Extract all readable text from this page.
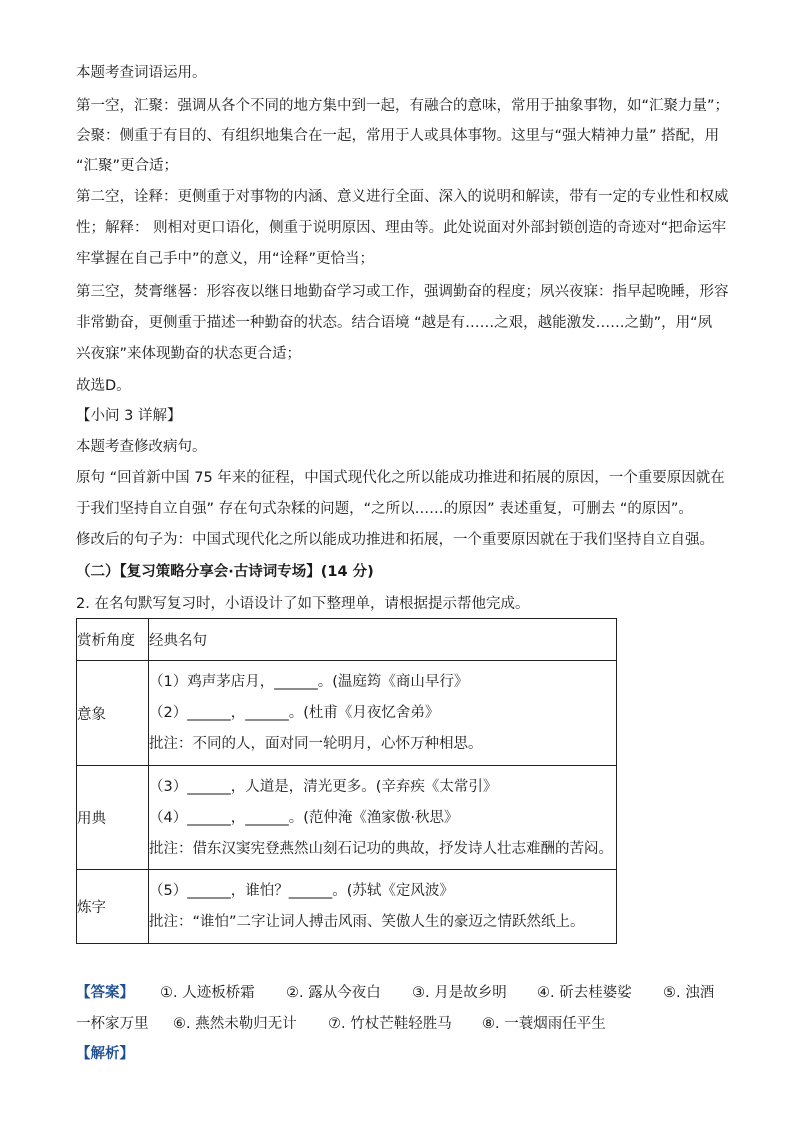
本题考查词语运用。
第一空，汇聚：强调从各个不同的地方集中到一起，有融合的意味，常用于抽象事物，如“汇聚力量”；
会聚：侧重于有目的、有组织地集合在一起，常用于人或具体事物。这里与“强大精神力量” 搭配，用
“汇聚”更合适；
第二空，诠释：更侧重于对事物的内涵、意义进行全面、深入的说明和解读，带有一定的专业性和权威
性；解释： 则相对更口语化，侧重于说明原因、理由等。此处说面对外部封锁创造的奇迹对“把命运牢
牢掌握在自己手中”的意义，用“诠释”更恰当；
第三空，焚膏继晷：形容夜以继日地勤奋学习或工作，强调勤奋的程度；夙兴夜寐：指早起晚睡，形容
非常勤奋，更侧重于描述一种勤奋的状态。结合语境 “越是有……之艰，越能激发……之勤”，用“夙
兴夜寐”来体现勤奋的状态更合适；
故选D。
【小问 3 详解】
本题考查修改病句。
原句 “回首新中国 75 年来的征程，中国式现代化之所以能成功推进和拓展的原因，一个重要原因就在
于我们坚持自立自强” 存在句式杂糅的问题，“之所以……的原因” 表述重复，可删去 “的原因”。
修改后的句子为：中国式现代化之所以能成功推进和拓展，一个重要原因就在于我们坚持自立自强。
（二）【复习策略分享会·古诗词专场】(14 分)
2. 在名句默写复习时，小语设计了如下整理单，请根据提示帮他完成。
赏析角度	经典名句
意象	（1）鸡声茅店月，______。(温庭筠《商山早行》
（2）______，______。(杜甫《月夜忆舍弟》
批注：不同的人，面对同一轮明月，心怀万种相思。

用典	（3）______，人道是，清光更多。(辛弃疾《太常引》
（4）______，______。(范仲淹《渔家傲·秋思》
批注：借东汉窦宪登燕然山刻石记功的典故，抒发诗人壮志难酬的苦闷。

炼字	（5）______，谁怕？______。(苏轼《定风波》
批注：“谁怕”二字让词人搏击风雨、笑傲人生的豪迈之情跃然纸上。
【答案】 ①. 人迹板桥霜 ②. 露从今夜白 ③. 月是故乡明 ④. 斫去桂婆娑 ⑤. 浊酒
一杯家万里 ⑥. 燕然未勒归无计 ⑦. 竹杖芒鞋轻胜马 ⑧. 一蓑烟雨任平生
【解析】
